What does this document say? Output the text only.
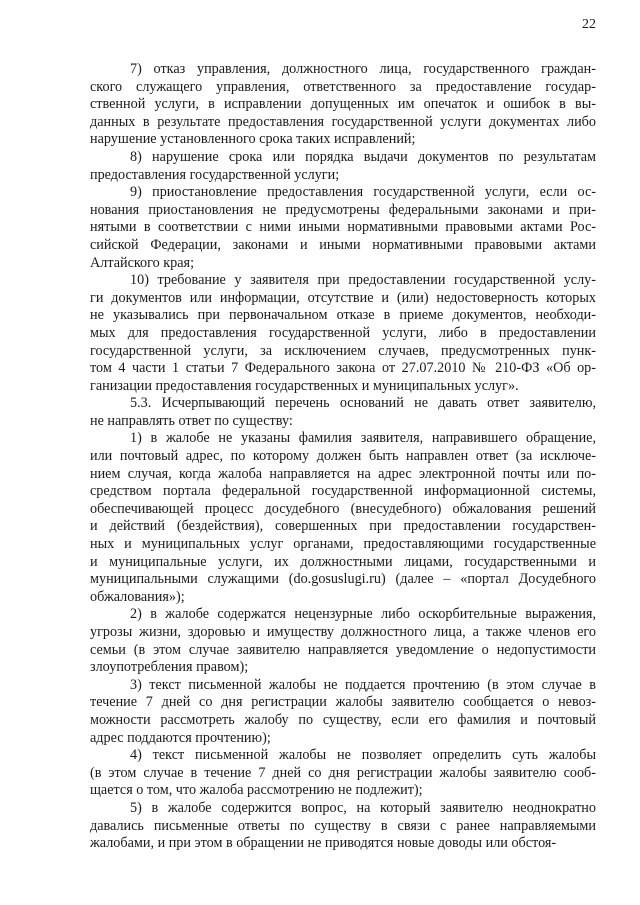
22
7) отказ управления, должностного лица, государственного граждан-
ского служащего управления, ответственного за предоставление государ-
ственной услуги, в исправлении допущенных им опечаток и ошибок в вы-
данных в результате предоставления государственной услуги документах либо
нарушение установленного срока таких исправлений;
8) нарушение срока или порядка выдачи документов по результатам
предоставления государственной услуги;
9) приостановление предоставления государственной услуги, если ос-
нования приостановления не предусмотрены федеральными законами и при-
нятыми в соответствии с ними иными нормативными правовыми актами Рос-
сийской Федерации, законами и иными нормативными правовыми актами
Алтайского края;
10) требование у заявителя при предоставлении государственной услу-
ги документов или информации, отсутствие и (или) недостоверность которых
не указывались при первоначальном отказе в приеме документов, необходи-
мых для предоставления государственной услуги, либо в предоставлении
государственной услуги, за исключением случаев, предусмотренных пунк-
том 4 части 1 статьи 7 Федерального закона от 27.07.2010 № 210-ФЗ «Об ор-
ганизации предоставления государственных и муниципальных услуг».
5.3. Исчерпывающий перечень оснований не давать ответ заявителю,
не направлять ответ по существу:
1) в жалобе не указаны фамилия заявителя, направившего обращение,
или почтовый адрес, по которому должен быть направлен ответ (за исключе-
нием случая, когда жалоба направляется на адрес электронной почты или по-
средством портала федеральной государственной информационной системы,
обеспечивающей процесс досудебного (внесудебного) обжалования решений
и действий (бездействия), совершенных при предоставлении государствен-
ных и муниципальных услуг органами, предоставляющими государственные
и муниципальные услуги, их должностными лицами, государственными и
муниципальными служащими (do.gosuslugi.ru) (далее – «портал Досудебного
обжалования»);
2) в жалобе содержатся нецензурные либо оскорбительные выражения,
угрозы жизни, здоровью и имуществу должностного лица, а также членов его
семьи (в этом случае заявителю направляется уведомление о недопустимости
злоупотребления правом);
3) текст письменной жалобы не поддается прочтению (в этом случае в
течение 7 дней со дня регистрации жалобы заявителю сообщается о невоз-
можности рассмотреть жалобу по существу, если его фамилия и почтовый
адрес поддаются прочтению);
4) текст письменной жалобы не позволяет определить суть жалобы
(в этом случае в течение 7 дней со дня регистрации жалобы заявителю сооб-
щается о том, что жалоба рассмотрению не подлежит);
5) в жалобе содержится вопрос, на который заявителю неоднократно
давались письменные ответы по существу в связи с ранее направляемыми
жалобами, и при этом в обращении не приводятся новые доводы или обстоя-
